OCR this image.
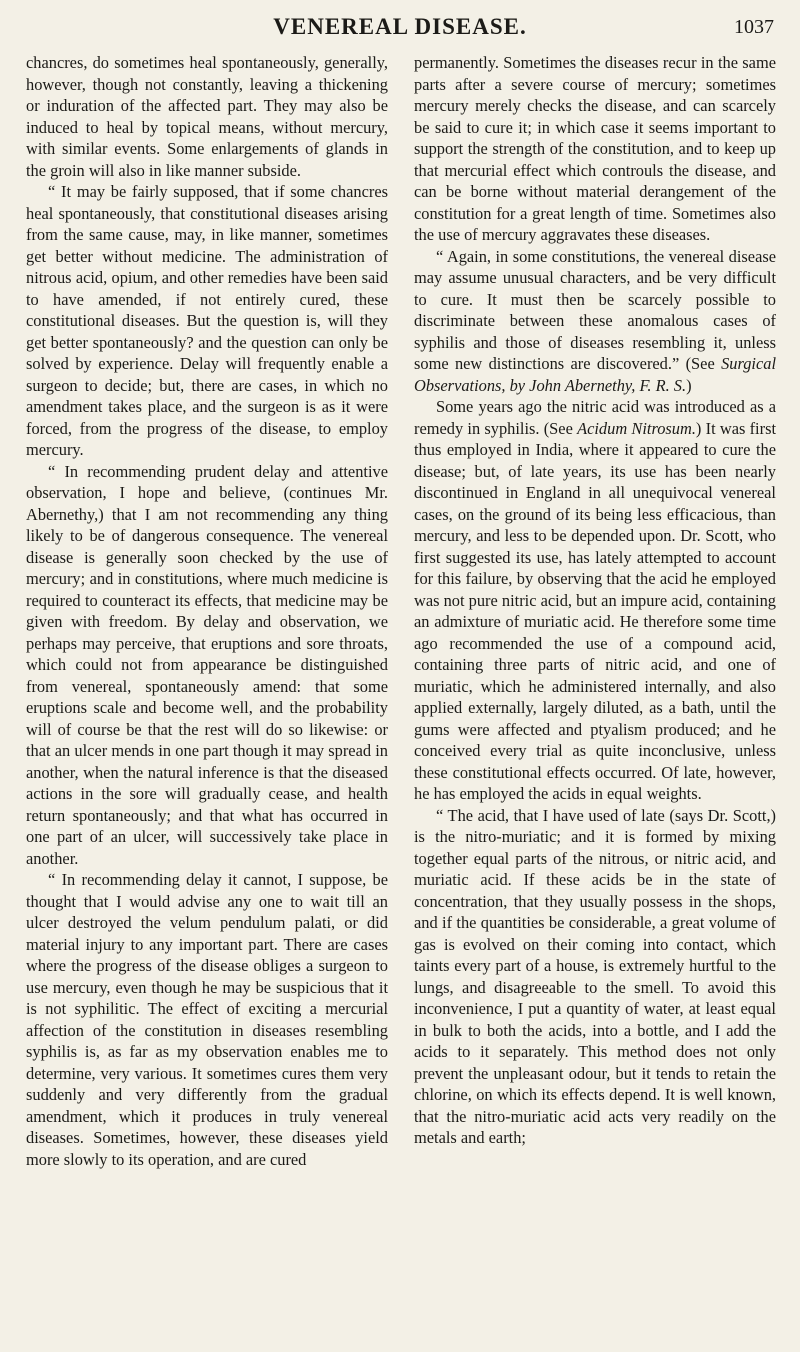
VENEREAL DISEASE.	1037

chancres, do sometimes heal spontaneously, generally, however, though not constantly, leaving a thickening or induration of the affected part. They may also be induced to heal by topical means, without mercury, with similar events. Some enlargements of glands in the groin will also in like manner subside.

“ It may be fairly supposed, that if some chancres heal spontaneously, that constitutional diseases arising from the same cause, may, in like manner, sometimes get better without medicine. The administration of nitrous acid, opium, and other remedies have been said to have amended, if not entirely cured, these constitutional diseases. But the question is, will they get better spontaneously? and the question can only be solved by experience. Delay will frequently enable a surgeon to decide; but, there are cases, in which no amendment takes place, and the surgeon is as it were forced, from the progress of the disease, to employ mercury.

“ In recommending prudent delay and attentive observation, I hope and believe, (continues Mr. Abernethy,) that I am not recommending any thing likely to be of dangerous consequence. The venereal disease is generally soon checked by the use of mercury; and in constitutions, where much medicine is required to counteract its effects, that medicine may be given with freedom. By delay and observation, we perhaps may perceive, that eruptions and sore throats, which could not from appearance be distinguished from venereal, spontaneously amend: that some eruptions scale and become well, and the probability will of course be that the rest will do so likewise: or that an ulcer mends in one part though it may spread in another, when the natural inference is that the diseased actions in the sore will gradually cease, and health return spontaneously; and that what has occurred in one part of an ulcer, will successively take place in another.

“ In recommending delay it cannot, I suppose, be thought that I would advise any one to wait till an ulcer destroyed the velum pendulum palati, or did material injury to any important part. There are cases where the progress of the disease obliges a surgeon to use mercury, even though he may be suspicious that it is not syphilitic. The effect of exciting a mercurial affection of the constitution in diseases resembling syphilis is, as far as my observation enables me to determine, very various. It sometimes cures them very suddenly and very differently from the gradual amendment, which it produces in truly venereal diseases. Sometimes, however, these diseases yield more slowly to its operation, and are cured

permanently. Sometimes the diseases recur in the same parts after a severe course of mercury; sometimes mercury merely checks the disease, and can scarcely be said to cure it; in which case it seems important to support the strength of the constitution, and to keep up that mercurial effect which controuls the disease, and can be borne without material derangement of the constitution for a great length of time. Sometimes also the use of mercury aggravates these diseases.

“ Again, in some constitutions, the venereal disease may assume unusual characters, and be very difficult to cure. It must then be scarcely possible to discriminate between these anomalous cases of syphilis and those of diseases resembling it, unless some new distinctions are discovered.” (See Surgical Observations, by John Abernethy, F. R. S.)

Some years ago the nitric acid was introduced as a remedy in syphilis. (See Acidum Nitrosum.) It was first thus employed in India, where it appeared to cure the disease; but, of late years, its use has been nearly discontinued in England in all unequivocal venereal cases, on the ground of its being less efficacious, than mercury, and less to be depended upon. Dr. Scott, who first suggested its use, has lately attempted to account for this failure, by observing that the acid he employed was not pure nitric acid, but an impure acid, containing an admixture of muriatic acid. He therefore some time ago recommended the use of a compound acid, containing three parts of nitric acid, and one of muriatic, which he administered internally, and also applied externally, largely diluted, as a bath, until the gums were affected and ptyalism produced; and he conceived every trial as quite inconclusive, unless these constitutional effects occurred. Of late, however, he has employed the acids in equal weights.

“ The acid, that I have used of late (says Dr. Scott,) is the nitro-muriatic; and it is formed by mixing together equal parts of the nitrous, or nitric acid, and muriatic acid. If these acids be in the state of concentration, that they usually possess in the shops, and if the quantities be considerable, a great volume of gas is evolved on their coming into contact, which taints every part of a house, is extremely hurtful to the lungs, and disagreeable to the smell. To avoid this inconvenience, I put a quantity of water, at least equal in bulk to both the acids, into a bottle, and I add the acids to it separately. This method does not only prevent the unpleasant odour, but it tends to retain the chlorine, on which its effects depend. It is well known, that the nitro-muriatic acid acts very readily on the metals and earth;
